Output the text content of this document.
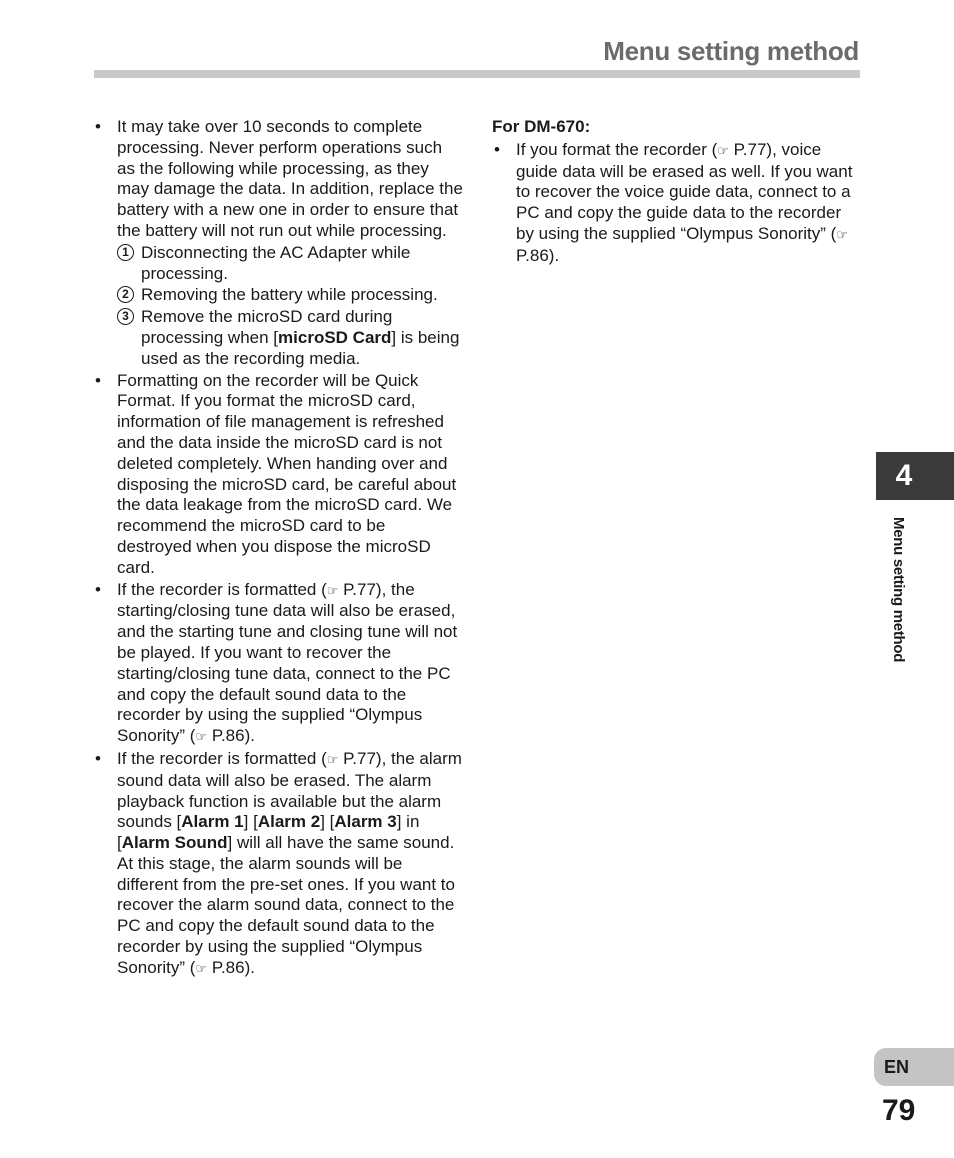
Menu setting method
• It may take over 10 seconds to complete processing. Never perform operations such as the following while processing, as they may damage the data. In addition, replace the battery with a new one in order to ensure that the battery will not run out while processing.
1 Disconnecting the AC Adapter while processing.
2 Removing the battery while processing.
3 Remove the microSD card during processing when [microSD Card] is being used as the recording media.
• Formatting on the recorder will be Quick Format. If you format the microSD card, information of file management is refreshed and the data inside the microSD card is not deleted completely. When handing over and disposing the microSD card, be careful about the data leakage from the microSD card. We recommend the microSD card to be destroyed when you dispose the microSD card.
• If the recorder is formatted (☞ P.77), the starting/closing tune data will also be erased, and the starting tune and closing tune will not be played. If you want to recover the starting/closing tune data, connect to the PC and copy the default sound data to the recorder by using the supplied “Olympus Sonority” (☞ P.86).
• If the recorder is formatted (☞ P.77), the alarm sound data will also be erased. The alarm playback function is available but the alarm sounds [Alarm 1] [Alarm 2] [Alarm 3] in [Alarm Sound] will all have the same sound. At this stage, the alarm sounds will be different from the pre-set ones. If you want to recover the alarm sound data, connect to the PC and copy the default sound data to the recorder by using the supplied “Olympus Sonority” (☞ P.86).
For DM-670:
• If you format the recorder (☞ P.77), voice guide data will be erased as well. If you want to recover the voice guide data, connect to a PC and copy the guide data to the recorder by using the supplied “Olympus Sonority” (☞ P.86).
4
Menu setting method
EN
79
